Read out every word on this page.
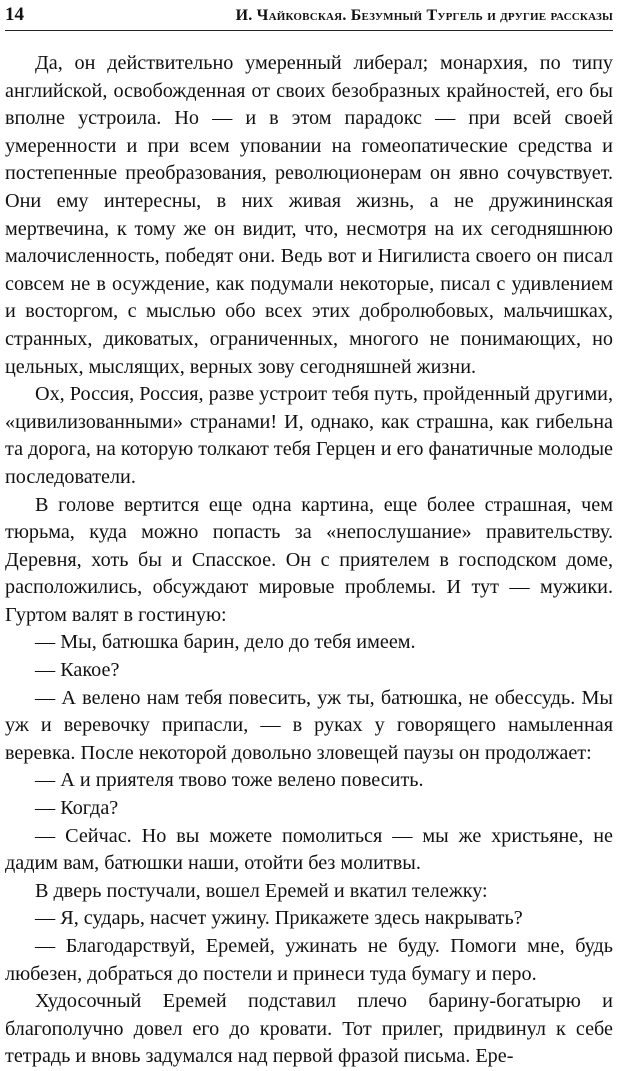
14	И. Чайковская. Безумный Тургель и другие рассказы

Да, он действительно умеренный либерал; монархия, по типу английской, освобожденная от своих безобразных крайностей, его бы вполне устроила. Но — и в этом парадокс — при всей своей умеренности и при всем уповании на гомеопатические средства и постепенные преобразования, революционерам он явно сочувствует. Они ему интересны, в них живая жизнь, а не дружининская мертвечина, к тому же он видит, что, несмотря на их сегодняшнюю малочисленность, победят они. Ведь вот и Нигилиста своего он писал совсем не в осуждение, как подумали некоторые, писал с удивлением и восторгом, с мыслью обо всех этих добролюбовых, мальчишках, странных, диковатых, ограниченных, многого не понимающих, но цельных, мыслящих, верных зову сегодняшней жизни.

Ох, Россия, Россия, разве устроит тебя путь, пройденный другими, «цивилизованными» странами! И, однако, как страшна, как гибельна та дорога, на которую толкают тебя Герцен и его фанатичные молодые последователи.

В голове вертится еще одна картина, еще более страшная, чем тюрьма, куда можно попасть за «непослушание» правительству. Деревня, хоть бы и Спасское. Он с приятелем в господском доме, расположились, обсуждают мировые проблемы. И тут — мужики. Гуртом валят в гостиную:

— Мы, батюшка барин, дело до тебя имеем.

— Какое?

— А велено нам тебя повесить, уж ты, батюшка, не обессудь. Мы уж и веревочку припасли, — в руках у говорящего намыленная веревка. После некоторой довольно зловещей паузы он продолжает:

— А и приятеля твово тоже велено повесить.

— Когда?

— Сейчас. Но вы можете помолиться — мы же христьяне, не дадим вам, батюшки наши, отойти без молитвы.

В дверь постучали, вошел Еремей и вкатил тележку:

— Я, сударь, насчет ужину. Прикажете здесь накрывать?

— Благодарствуй, Еремей, ужинать не буду. Помоги мне, будь любезен, добраться до постели и принеси туда бумагу и перо.

Худосочный Еремей подставил плечо барину-богатырю и благополучно довел его до кровати. Тот прилег, придвинул к себе тетрадь и вновь задумался над первой фразой письма. Ере-
